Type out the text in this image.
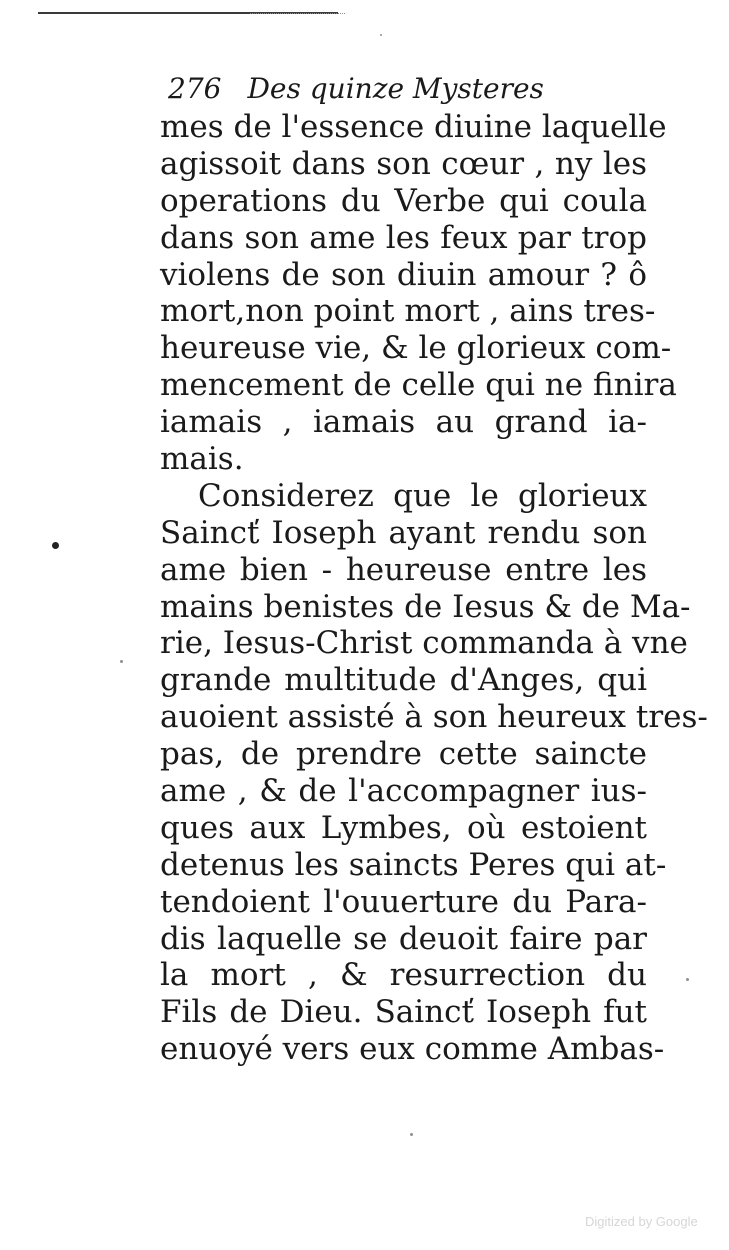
276 Des quinze Mysteres
mes de l'essence diuine laquelle
agissoit dans son cœur , ny les
operations du Verbe qui coula
dans son ame les feux par trop
violens de son diuin amour ? ô
mort,non point mort , ains tres-
heureuse vie, & le glorieux com-
mencement de celle qui ne finira
iamais , iamais au grand ia-
mais.
Considerez que le glorieux
Saincť Ioseph ayant rendu son
ame bien - heureuse entre les
mains benistes de Iesus & de Ma-
rie, Iesus-Christ commanda à vne
grande multitude d'Anges, qui
auoient assisté à son heureux tres-
pas, de prendre cette saincte
ame , & de l'accompagner ius-
ques aux Lymbes, où estoient
detenus les saincts Peres qui at-
tendoient l'ouuerture du Para-
dis laquelle se deuoit faire par
la mort , & resurrection du
Fils de Dieu. Saincť Ioseph fut
enuoyé vers eux comme Ambas-
Digitized by Google
